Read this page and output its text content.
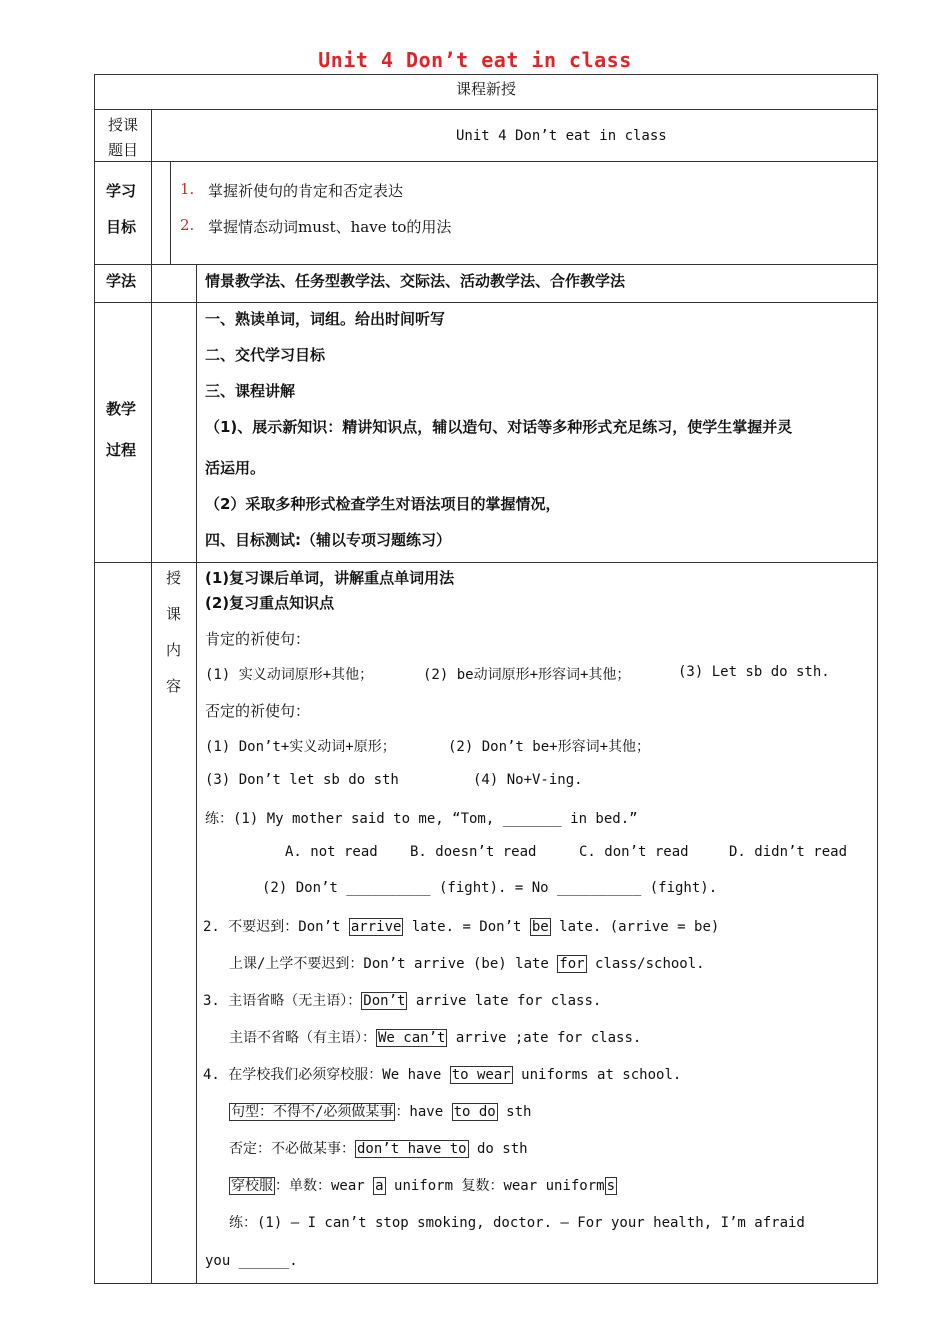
Unit 4 Don’t eat in class
课程新授
授课
题目
Unit 4 Don’t eat in class
学习
目标
1. 掌握祈使句的肯定和否定表达
2. 掌握情态动词must、have to的用法
学法	情景教学法、任务型教学法、交际法、活动教学法、合作教学法
教学
过程
一、熟读单词，词组。给出时间听写
二、交代学习目标
三、课程讲解
（1)、展示新知识：精讲知识点，辅以造句、对话等多种形式充足练习，使学生掌握并灵
活运用。
（2）采取多种形式检查学生对语法项目的掌握情况，
四、目标测试:（辅以专项习题练习）
授
课
内
容
(1)复习课后单词，讲解重点单词用法
(2)复习重点知识点
肯定的祈使句：
(1) 实义动词原形+其他；	(2) be动词原形+形容词+其他；	(3) Let sb do sth.
否定的祈使句：
(1) Don’t+实义动词+原形；	(2) Don’t be+形容词+其他；
(3) Don’t let sb do sth	(4) No+V-ing.
练：(1) My mother said to me, “Tom, _______ in bed.”
A. not read B. doesn’t read	C. don’t read	D. didn’t read
(2) Don’t __________ (fight). = No __________ (fight).
2. 不要迟到：Don’t arrive late. = Don’t be late. (arrive = be)
上课/上学不要迟到：Don’t arrive (be) late for class/school.
3. 主语省略（无主语）： Don’t arrive late for class.
主语不省略（有主语）： We can’t arrive ;ate for class.
4. 在学校我们必须穿校服：We have to wear uniforms at school.
句型：不得不/必须做某事 ：have to do sth
否定：不必做某事： don’t have to do sth
穿校服 ：单数：wear a uniform 复数：wear uniform s
练：(1) – I can’t stop smoking, doctor. – For your health, I’m afraid
you ______.
